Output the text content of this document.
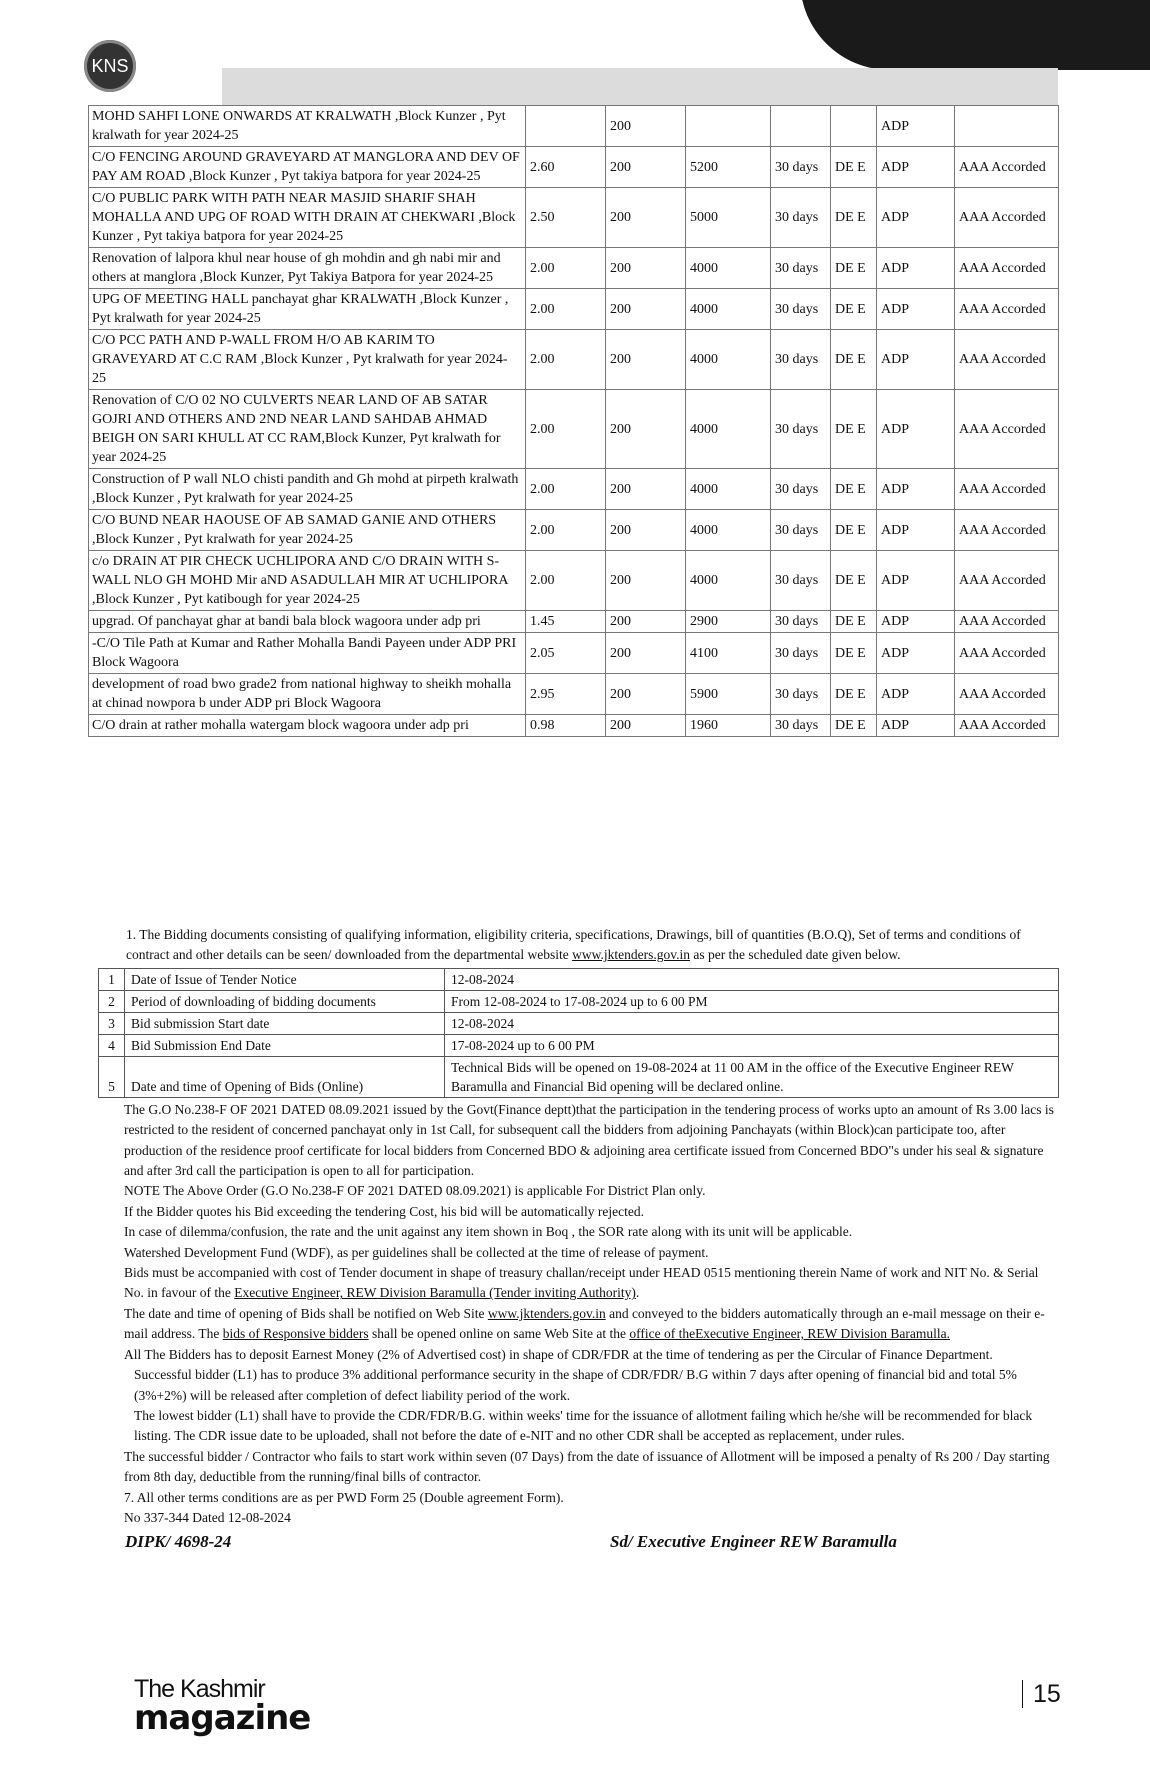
KNS
MOHD SAHFI LONE ONWARDS AT KRALWATH ,Block Kunzer , Pyt kralwath for year 2024-25		200				ADP	
C/O FENCING AROUND GRAVEYARD AT MANGLORA AND DEV OF PAY AM ROAD ,Block Kunzer , Pyt takiya batpora for year 2024-25	2.60	200	5200	30 days	DE E	ADP	AAA Accorded
C/O PUBLIC PARK WITH PATH NEAR MASJID SHARIF SHAH MOHALLA AND UPG OF ROAD WITH DRAIN AT CHEKWARI ,Block Kunzer , Pyt takiya batpora for year 2024-25	2.50	200	5000	30 days	DE E	ADP	AAA Accorded
Renovation of lalpora khul near house of gh mohdin and gh nabi mir and others at manglora ,Block Kunzer, Pyt Takiya Batpora for year 2024-25	2.00	200	4000	30 days	DE E	ADP	AAA Accorded
UPG OF MEETING HALL panchayat ghar KRALWATH ,Block Kunzer , Pyt kralwath for year 2024-25	2.00	200	4000	30 days	DE E	ADP	AAA Accorded
C/O PCC PATH AND P-WALL FROM H/O AB KARIM TO GRAVEYARD AT C.C RAM ,Block Kunzer , Pyt kralwath for year 2024-25	2.00	200	4000	30 days	DE E	ADP	AAA Accorded
Renovation of C/O 02 NO CULVERTS NEAR LAND OF AB SATAR GOJRI AND OTHERS AND 2ND NEAR LAND SAHDAB AHMAD BEIGH ON SARI KHULL AT CC RAM,Block Kunzer, Pyt kralwath for year 2024-25	2.00	200	4000	30 days	DE E	ADP	AAA Accorded
Construction of P wall NLO chisti pandith and Gh mohd at pirpeth kralwath ,Block Kunzer , Pyt kralwath for year 2024-25	2.00	200	4000	30 days	DE E	ADP	AAA Accorded
C/O BUND NEAR HAOUSE OF AB SAMAD GANIE AND OTHERS ,Block Kunzer , Pyt kralwath for year 2024-25	2.00	200	4000	30 days	DE E	ADP	AAA Accorded
c/o DRAIN AT PIR CHECK UCHLIPORA AND C/O DRAIN WITH S-WALL NLO GH MOHD Mir aND ASADULLAH MIR AT UCHLIPORA ,Block Kunzer , Pyt katibough for year 2024-25	2.00	200	4000	30 days	DE E	ADP	AAA Accorded
upgrad. Of panchayat ghar at bandi bala block wagoora under adp pri	1.45	200	2900	30 days	DE E	ADP	AAA Accorded
-C/O Tile Path at Kumar and Rather Mohalla Bandi Payeen under ADP PRI Block Wagoora	2.05	200	4100	30 days	DE E	ADP	AAA Accorded
development of road bwo grade2 from national highway to sheikh mohalla at chinad nowpora b under ADP pri Block Wagoora	2.95	200	5900	30 days	DE E	ADP	AAA Accorded
C/O drain at rather mohalla watergam block wagoora under adp pri	0.98	200	1960	30 days	DE E	ADP	AAA Accorded

1. The Bidding documents consisting of qualifying information, eligibility criteria, specifications, Drawings, bill of quantities (B.O.Q), Set of terms and conditions of contract and other details can be seen/ downloaded from the departmental website www.jktenders.gov.in as per the scheduled date given below.

1	Date of Issue of Tender Notice	12-08-2024
2	Period of downloading of bidding documents	From 12-08-2024 to 17-08-2024 up to 6 00 PM
3	Bid submission Start date	12-08-2024
4	Bid Submission End Date	17-08-2024 up to 6 00 PM
5	Date and time of Opening of Bids (Online)	Technical Bids will be opened on 19-08-2024 at 11 00 AM in the office of the Executive Engineer REW Baramulla and Financial Bid opening will be declared online.

The G.O No.238-F OF 2021 DATED 08.09.2021 issued by the Govt(Finance deptt)that the participation in the tendering process of works upto an amount of Rs 3.00 lacs is restricted to the resident of concerned panchayat only in 1st Call, for subsequent call the bidders from adjoining Panchayats (within Block)can participate too, after production of the residence proof certificate for local bidders from Concerned BDO & adjoining area certificate issued from Concerned BDO"s under his seal & signature and after 3rd call the participation is open to all for participation.

NOTE The Above Order (G.O No.238-F OF 2021 DATED 08.09.2021) is applicable For District Plan only.

If the Bidder quotes his Bid exceeding the tendering Cost, his bid will be automatically rejected.

In case of dilemma/confusion, the rate and the unit against any item shown in Boq , the SOR rate along with its unit will be applicable.

Watershed Development Fund (WDF), as per guidelines shall be collected at the time of release of payment.

Bids must be accompanied with cost of Tender document in shape of treasury challan/receipt under HEAD 0515 mentioning therein Name of work and NIT No. & Serial No. in favour of the Executive Engineer, REW Division Baramulla (Tender inviting Authority).

The date and time of opening of Bids shall be notified on Web Site www.jktenders.gov.in and conveyed to the bidders automatically through an e-mail message on their e-mail address. The bids of Responsive bidders shall be opened online on same Web Site at the office of theExecutive Engineer, REW Division Baramulla.

All The Bidders has to deposit Earnest Money (2% of Advertised cost) in shape of CDR/FDR at the time of tendering as per the Circular of Finance Department.

Successful bidder (L1) has to produce 3% additional performance security in the shape of CDR/FDR/ B.G within 7 days after opening of financial bid and total 5% (3%+2%) will be released after completion of defect liability period of the work.

The lowest bidder (L1) shall have to provide the CDR/FDR/B.G. within weeks' time for the issuance of allotment failing which he/she will be recommended for black listing. The CDR issue date to be uploaded, shall not before the date of e-NIT and no other CDR shall be accepted as replacement, under rules.

The successful bidder / Contractor who fails to start work within seven (07 Days) from the date of issuance of Allotment will be imposed a penalty of Rs 200 / Day starting from 8th day, deductible from the running/final bills of contractor.

7. All other terms conditions are as per PWD Form 25 (Double agreement Form).

No 337-344 Dated 12-08-2024

DIPK/ 4698-24	Sd/ Executive Engineer REW Baramulla
The Kashmir
magazine
15
